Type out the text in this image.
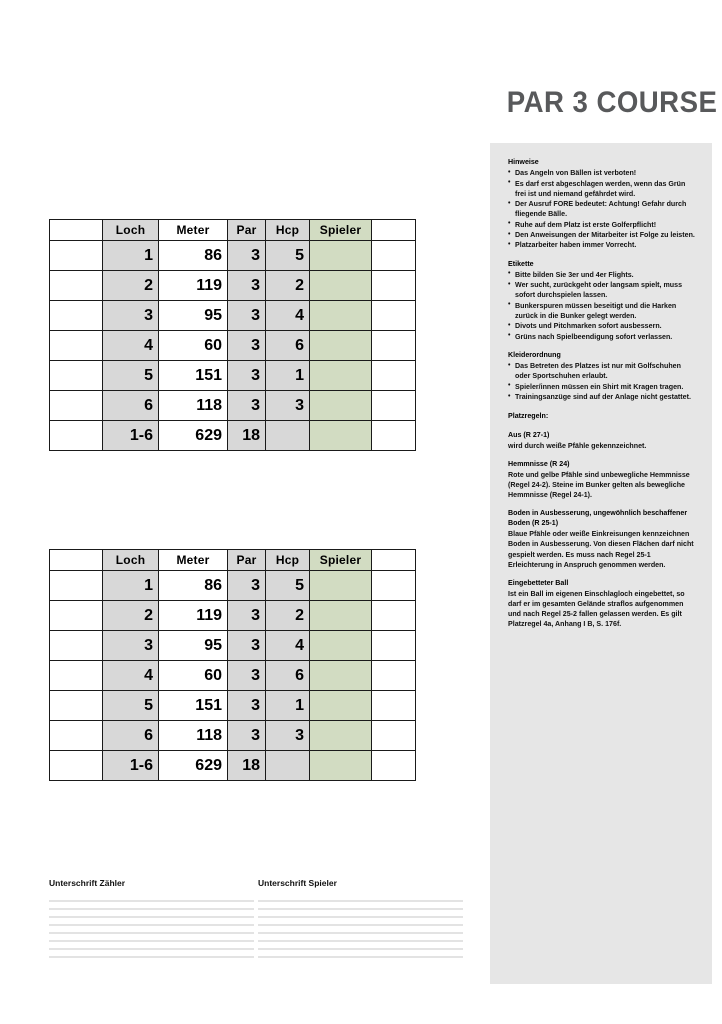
	Loch	Meter	Par	Hcp	Spieler	
	1	86	3	5		
	2	119	3	2		
	3	95	3	4		
	4	60	3	6		
	5	151	3	1		
	6	118	3	3		
	1-6	629	18			
	Loch	Meter	Par	Hcp	Spieler	
	1	86	3	5		
	2	119	3	2		
	3	95	3	4		
	4	60	3	6		
	5	151	3	1		
	6	118	3	3		
	1-6	629	18			
Unterschrift Zähler	Unterschrift Spieler
PAR 3 COURSE
Hinweise
• Das Angeln von Bällen ist verboten!
• Es darf erst abgeschlagen werden, wenn das Grün frei ist und niemand gefährdet wird.
• Der Ausruf FORE bedeutet: Achtung! Gefahr durch fliegende Bälle.
• Ruhe auf dem Platz ist erste Golferpflicht!
• Den Anweisungen der Mitarbeiter ist Folge zu leisten.
• Platzarbeiter haben immer Vorrecht.
Etikette
• Bitte bilden Sie 3er und 4er Flights.
• Wer sucht, zurückgeht oder langsam spielt, muss sofort durchspielen lassen.
• Bunkerspuren müssen beseitigt und die Harken zurück in die Bunker gelegt werden.
• Divots und Pitchmarken sofort ausbessern.
• Grüns nach Spielbeendigung sofort verlassen.
Kleiderordnung
• Das Betreten des Platzes ist nur mit Golfschuhen oder Sportschuhen erlaubt.
• Spieler/innen müssen ein Shirt mit Kragen tragen.
• Trainingsanzüge sind auf der Anlage nicht gestattet.
Platzregeln:
Aus (R 27-1)
wird durch weiße Pfähle gekennzeichnet.
Hemmnisse (R 24)
Rote und gelbe Pfähle sind unbewegliche Hemmnisse (Regel 24-2). Steine im Bunker gelten als bewegliche Hemmnisse (Regel 24-1).
Boden in Ausbesserung, ungewöhnlich beschaffener Boden (R 25-1)
Blaue Pfähle oder weiße Einkreisungen kennzeichnen Boden in Ausbesserung. Von diesen Flächen darf nicht gespielt werden. Es muss nach Regel 25-1 Erleichterung in Anspruch genommen werden.
Eingebetteter Ball
Ist ein Ball im eigenen Einschlagloch eingebettet, so darf er im gesamten Gelände straflos aufgenommen und nach Regel 25-2 fallen gelassen werden. Es gilt Platzregel 4a, Anhang I B, S. 176f.
